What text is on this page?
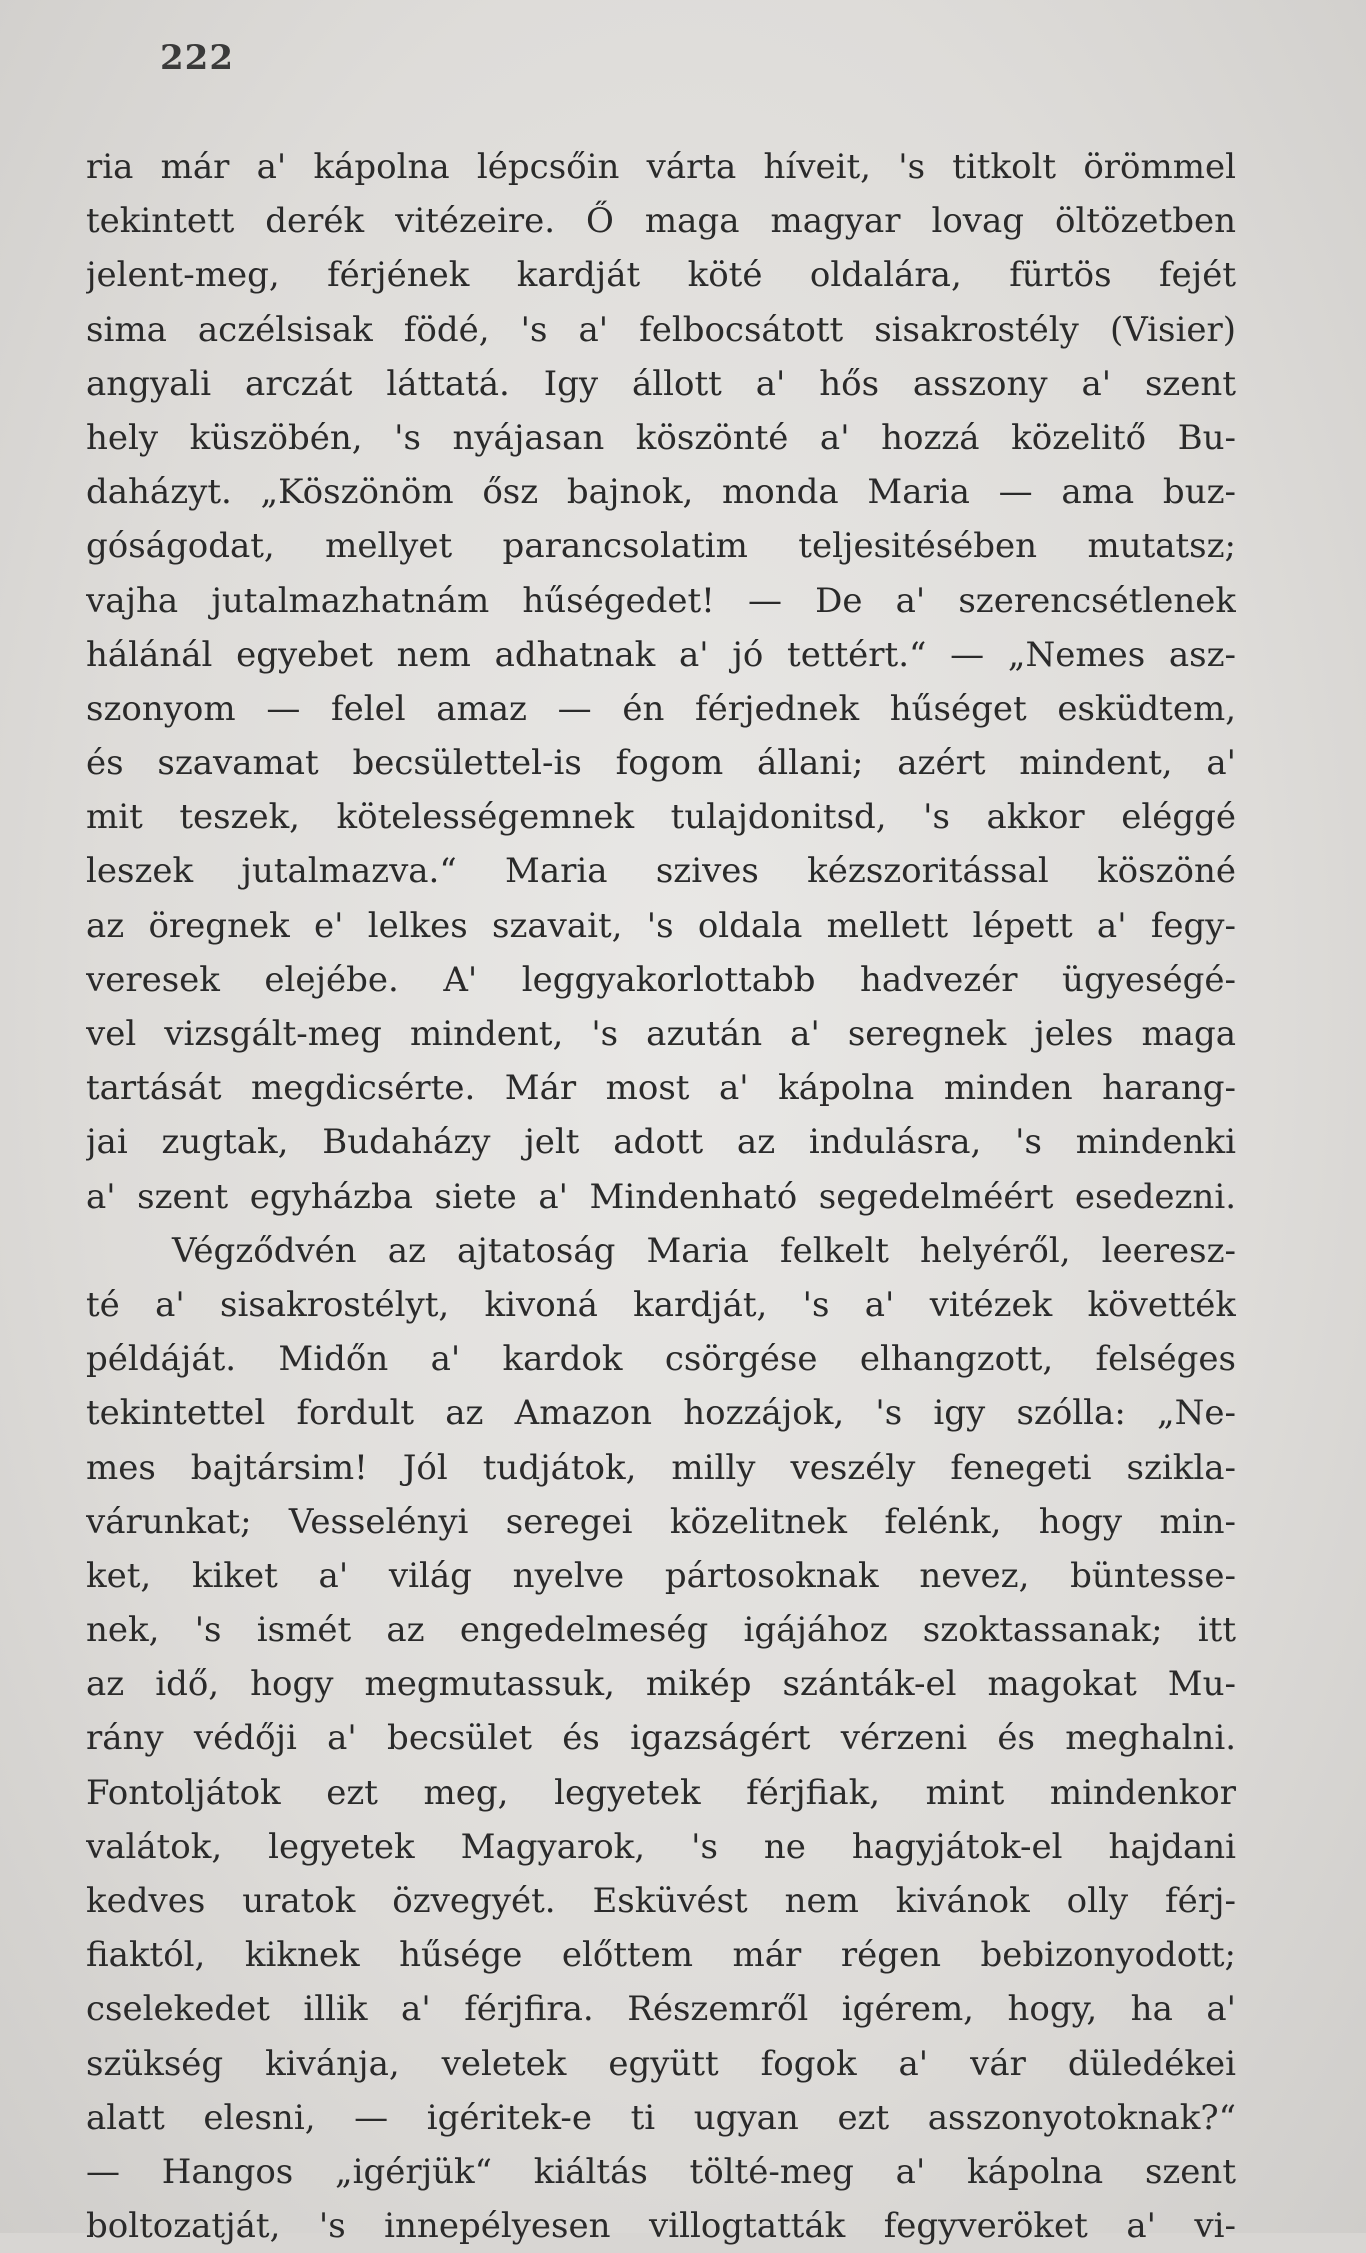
222
ria már a' kápolna lépcsőin várta híveit, 's titkolt örömmel
tekintett derék vitézeire. Ő maga magyar lovag öltözetben
jelent-meg, férjének kardját köté oldalára, fürtös fejét
sima aczélsisak födé, 's a' felbocsátott sisakrostély (Visier)
angyali arczát láttatá. Igy állott a' hős asszony a' szent
hely küszöbén, 's nyájasan köszönté a' hozzá közelitő Bu-
daházyt. „Köszönöm ősz bajnok, monda Maria — ama buz-
góságodat, mellyet parancsolatim teljesitésében mutatsz;
vajha jutalmazhatnám hűségedet! — De a' szerencsétlenek
hálánál egyebet nem adhatnak a' jó tettért.“ — „Nemes asz-
szonyom — felel amaz — én férjednek hűséget esküdtem,
és szavamat becsülettel-is fogom állani; azért mindent, a'
mit teszek, kötelességemnek tulajdonitsd, 's akkor eléggé
leszek jutalmazva.“ Maria szives kézszoritással köszöné
az öregnek e' lelkes szavait, 's oldala mellett lépett a' fegy-
veresek elejébe. A' leggyakorlottabb hadvezér ügyeségé-
vel vizsgált-meg mindent, 's azután a' seregnek jeles maga
tartását megdicsérte. Már most a' kápolna minden harang-
jai zugtak, Budaházy jelt adott az indulásra, 's mindenki
a' szent egyházba siete a' Mindenható segedelméért esedezni.
Végződvén az ajtatoság Maria felkelt helyéről, leeresz-
té a' sisakrostélyt, kivoná kardját, 's a' vitézek követték
példáját. Midőn a' kardok csörgése elhangzott, felséges
tekintettel fordult az Amazon hozzájok, 's igy szólla: „Ne-
mes bajtársim! Jól tudjátok, milly veszély fenegeti szikla-
várunkat; Vesselényi seregei közelitnek felénk, hogy min-
ket, kiket a' világ nyelve pártosoknak nevez, büntesse-
nek, 's ismét az engedelmeség igájához szoktassanak; itt
az idő, hogy megmutassuk, mikép szánták-el magokat Mu-
rány védőji a' becsület és igazságért vérzeni és meghalni.
Fontoljátok ezt meg, legyetek férjfiak, mint mindenkor
valátok, legyetek Magyarok, 's ne hagyjátok-el hajdani
kedves uratok özvegyét. Esküvést nem kivánok olly férj-
fiaktól, kiknek hűsége előttem már régen bebizonyodott;
cselekedet illik a' férjfira. Részemről igérem, hogy, ha a'
szükség kivánja, veletek együtt fogok a' vár düledékei
alatt elesni, — igéritek-e ti ugyan ezt asszonyotoknak?“
— Hangos „igérjük“ kiáltás tölté-meg a' kápolna szent
boltozatját, 's innepélyesen villogtatták fegyveröket a' vi-
